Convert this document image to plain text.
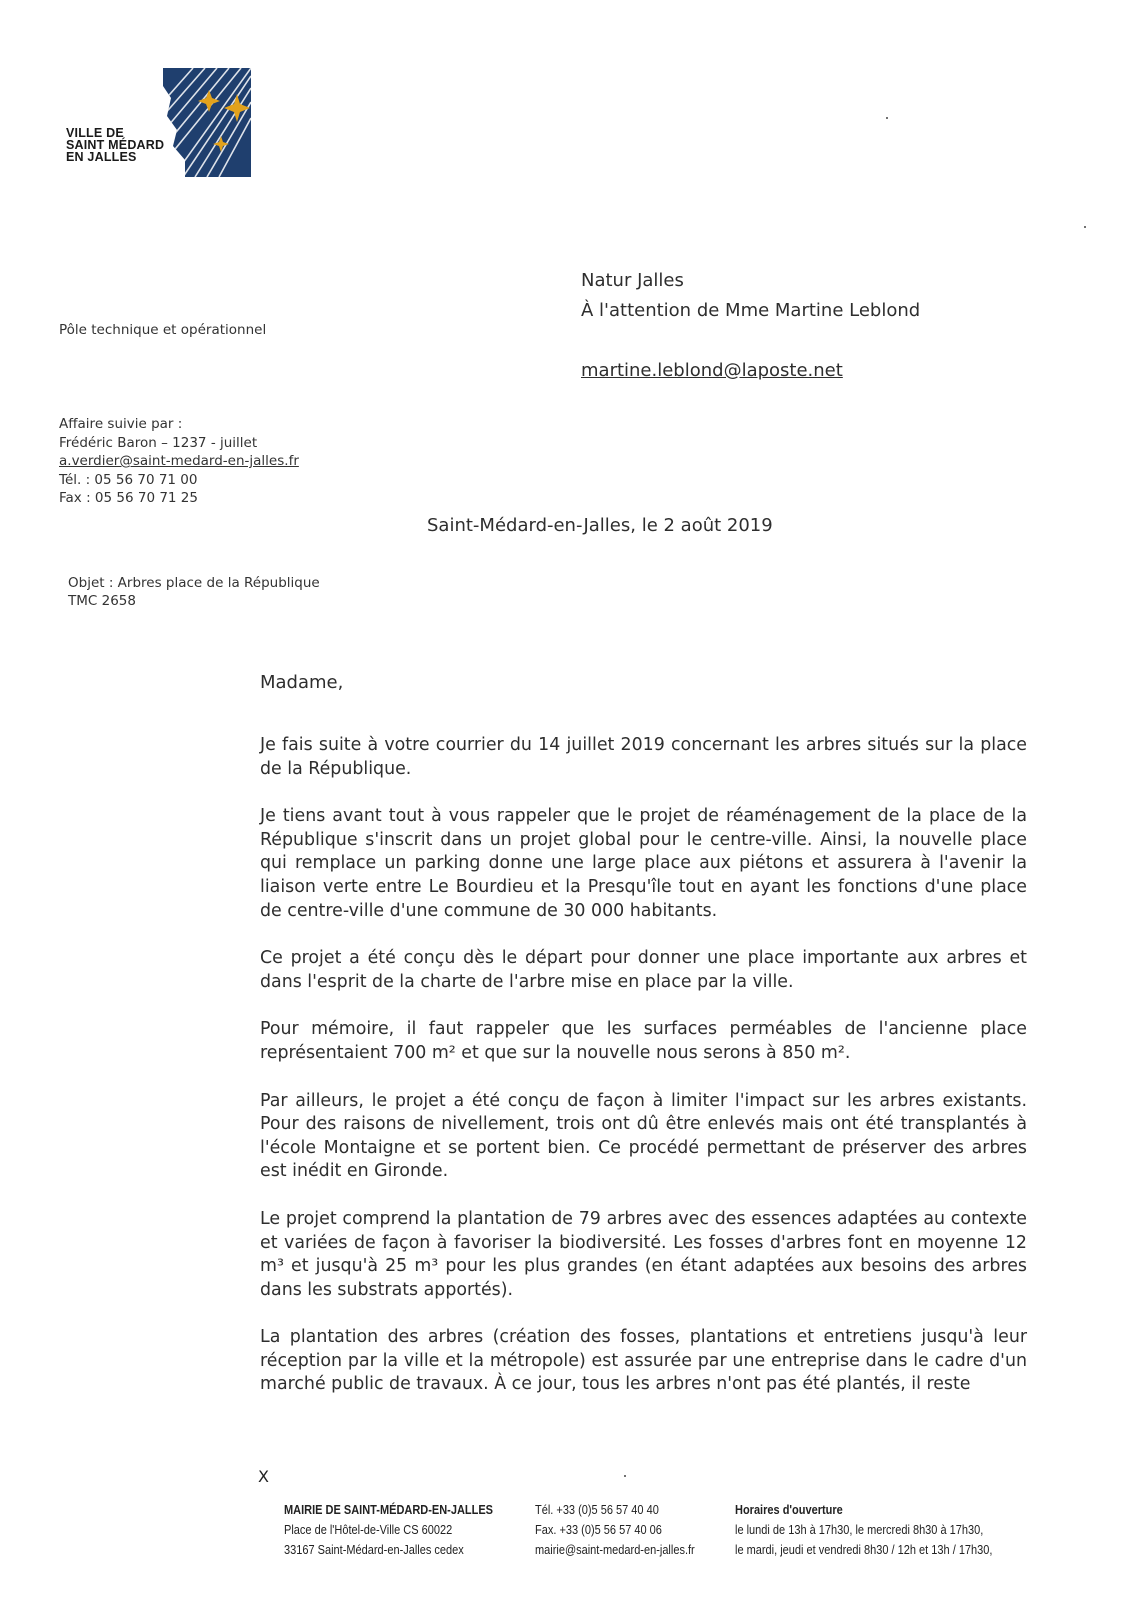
VILLE DE
SAINT MÉDARD
EN JALLES
Pôle technique et opérationnel
Natur Jalles
À l'attention de Mme Martine Leblond
martine.leblond@laposte.net
Affaire suivie par :
Frédéric Baron – 1237 - juillet
a.verdier@saint-medard-en-jalles.fr
Tél. : 05 56 70 71 00
Fax : 05 56 70 71 25
Saint-Médard-en-Jalles, le 2 août 2019
Objet : Arbres place de la République
TMC 2658
Madame,

Je fais suite à votre courrier du 14 juillet 2019 concernant les arbres situés sur la place de la République.

Je tiens avant tout à vous rappeler que le projet de réaménagement de la place de la République s'inscrit dans un projet global pour le centre-ville. Ainsi, la nouvelle place qui remplace un parking donne une large place aux piétons et assurera à l'avenir la liaison verte entre Le Bourdieu et la Presqu'île tout en ayant les fonctions d'une place de centre-ville d'une commune de 30 000 habitants.

Ce projet a été conçu dès le départ pour donner une place importante aux arbres et dans l'esprit de la charte de l'arbre mise en place par la ville.

Pour mémoire, il faut rappeler que les surfaces perméables de l'ancienne place représentaient 700 m² et que sur la nouvelle nous serons à 850 m².

Par ailleurs, le projet a été conçu de façon à limiter l'impact sur les arbres existants. Pour des raisons de nivellement, trois ont dû être enlevés mais ont été transplantés à l'école Montaigne et se portent bien. Ce procédé permettant de préserver des arbres est inédit en Gironde.

Le projet comprend la plantation de 79 arbres avec des essences adaptées au contexte et variées de façon à favoriser la biodiversité. Les fosses d'arbres font en moyenne 12 m³ et jusqu'à 25 m³ pour les plus grandes (en étant adaptées aux besoins des arbres dans les substrats apportés).

La plantation des arbres (création des fosses, plantations et entretiens jusqu'à leur réception par la ville et la métropole) est assurée par une entreprise dans le cadre d'un marché public de travaux. À ce jour, tous les arbres n'ont pas été plantés, il reste

X
MAIRIE DE SAINT-MÉDARD-EN-JALLES
Place de l'Hôtel-de-Ville CS 60022
33167 Saint-Médard-en-Jalles cedex
Tél. +33 (0)5 56 57 40 40
Fax. +33 (0)5 56 57 40 06
mairie@saint-medard-en-jalles.fr
Horaires d'ouverture
le lundi de 13h à 17h30, le mercredi 8h30 à 17h30,
le mardi, jeudi et vendredi 8h30 / 12h et 13h / 17h30,
